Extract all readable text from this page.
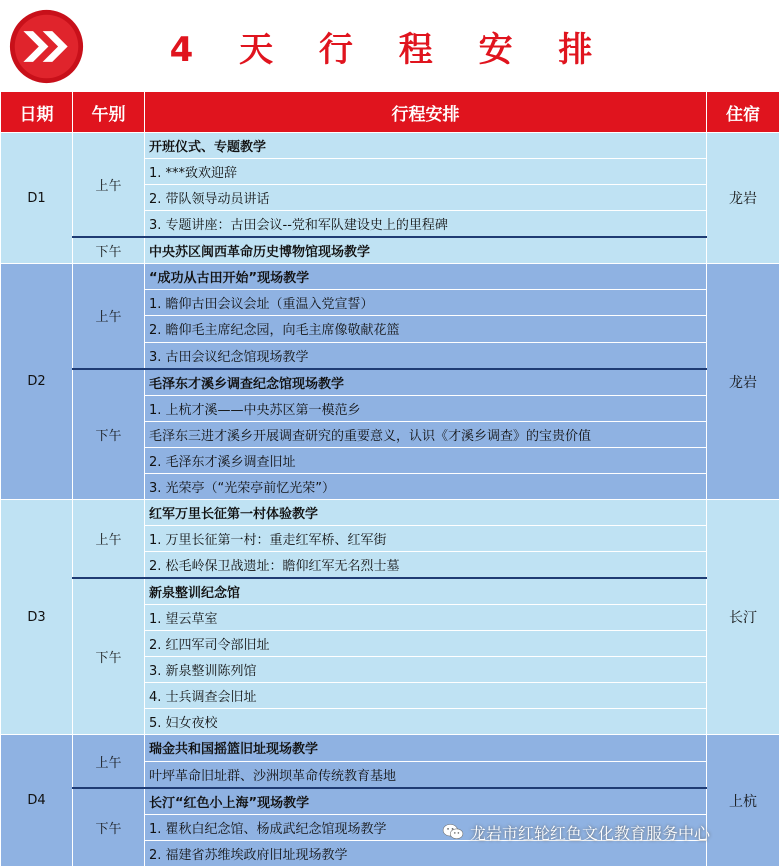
4 天 行 程 安 排
日期	午别	行程安排	住宿
D1	上午	开班仪式、专题教学	龙岩
		1. ***致欢迎辞	
		2. 带队领导动员讲话	
		3. 专题讲座：古田会议--党和军队建设史上的里程碑	
	下午	中央苏区闽西革命历史博物馆现场教学	
D2	上午	“成功从古田开始”现场教学	龙岩
		1. 瞻仰古田会议会址（重温入党宣誓）	
		2. 瞻仰毛主席纪念园，向毛主席像敬献花篮	
		3. 古田会议纪念馆现场教学	
	下午	毛泽东才溪乡调查纪念馆现场教学	
		1. 上杭才溪——中央苏区第一模范乡	
		毛泽东三进才溪乡开展调查研究的重要意义，认识《才溪乡调查》的宝贵价值	
		2. 毛泽东才溪乡调查旧址	
		3. 光荣亭（“光荣亭前忆光荣”）	
D3	上午	红军万里长征第一村体验教学	长汀
		1. 万里长征第一村：重走红军桥、红军街	
		2. 松毛岭保卫战遗址：瞻仰红军无名烈士墓	
	下午	新泉整训纪念馆	
		1. 望云草室	
		2. 红四军司令部旧址	
		3. 新泉整训陈列馆	
		4. 士兵调查会旧址	
		5. 妇女夜校	
D4	上午	瑞金共和国摇篮旧址现场教学	上杭
		叶坪革命旧址群、沙洲坝革命传统教育基地	
	下午	长汀“红色小上海”现场教学	
		1. 瞿秋白纪念馆、杨成武纪念馆现场教学	
		2. 福建省苏维埃政府旧址现场教学	
龙岩市红轮红色文化教育服务中心
